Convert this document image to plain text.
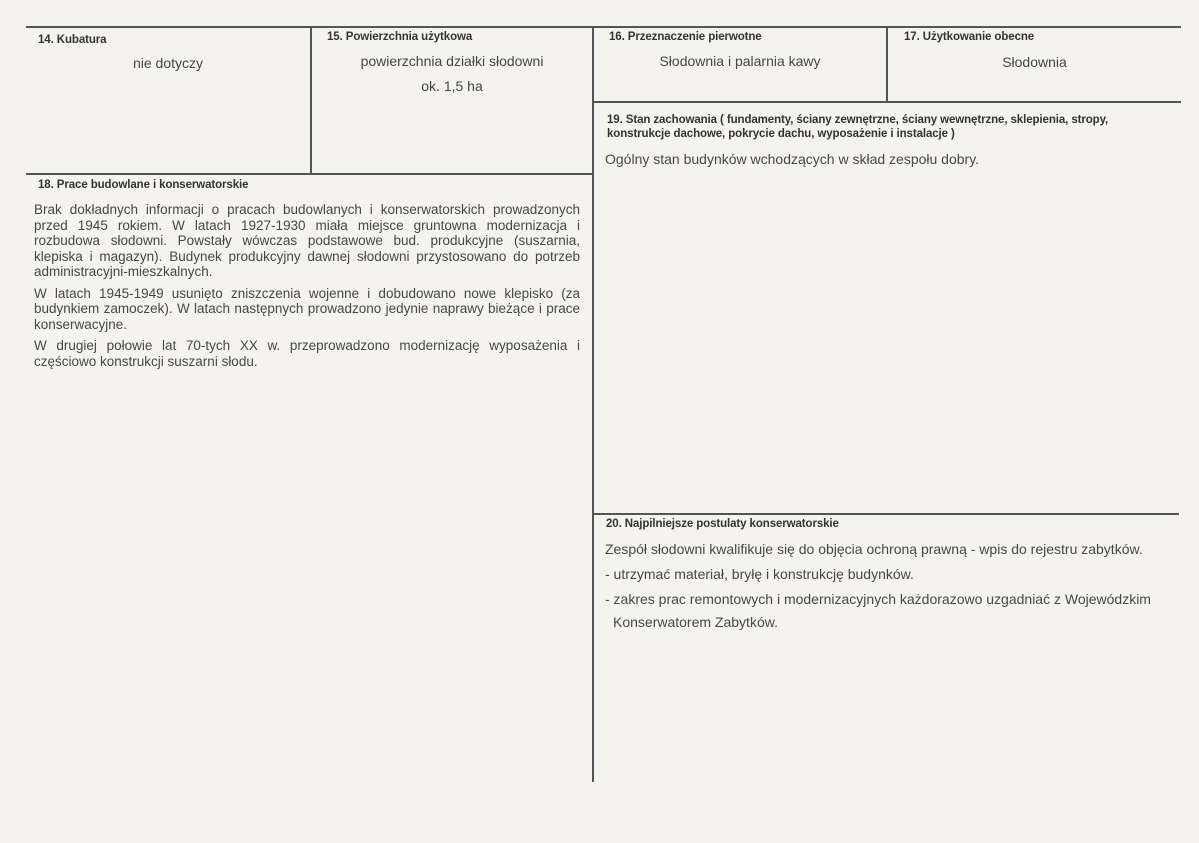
14. Kubatura
nie dotyczy
15. Powierzchnia użytkowa
powierzchnia działki słodowni
ok. 1,5 ha
16. Przeznaczenie pierwotne
Słodownia i palarnia kawy
17. Użytkowanie obecne
Słodownia
18. Prace budowlane i konserwatorskie

Brak dokładnych informacji o pracach budowlanych i konserwatorskich prowadzonych przed 1945 rokiem. W latach 1927-1930 miała miejsce gruntowna modernizacja i rozbudowa słodowni. Powstały wówczas podstawowe bud. produkcyjne (suszarnia, klepiska i magazyn). Budynek produkcyjny dawnej słodowni przystosowano do potrzeb administracyjni-mieszkalnych.

W latach 1945-1949 usunięto zniszczenia wojenne i dobudowano nowe klepisko (za budynkiem zamoczek). W latach następnych prowadzono jedynie naprawy bieżące i prace konserwacyjne.

W drugiej połowie lat 70-tych XX w. przeprowadzono modernizację wyposażenia i częściowo konstrukcji suszarni słodu.

19. Stan zachowania ( fundamenty, ściany zewnętrzne, ściany wewnętrzne, sklepienia, stropy, konstrukcje dachowe, pokrycie dachu, wyposażenie i instalacje )
Ogólny stan budynków wchodzących w skład zespołu dobry.
20. Najpilniejsze postulaty konserwatorskie
Zespół słodowni kwalifikuje się do objęcia ochroną prawną - wpis do rejestru zabytków.
- utrzymać materiał, bryłę i konstrukcję budynków.
- zakres prac remontowych i modernizacyjnych każdorazowo uzgadniać z Wojewódzkim
Konserwatorem Zabytków.
